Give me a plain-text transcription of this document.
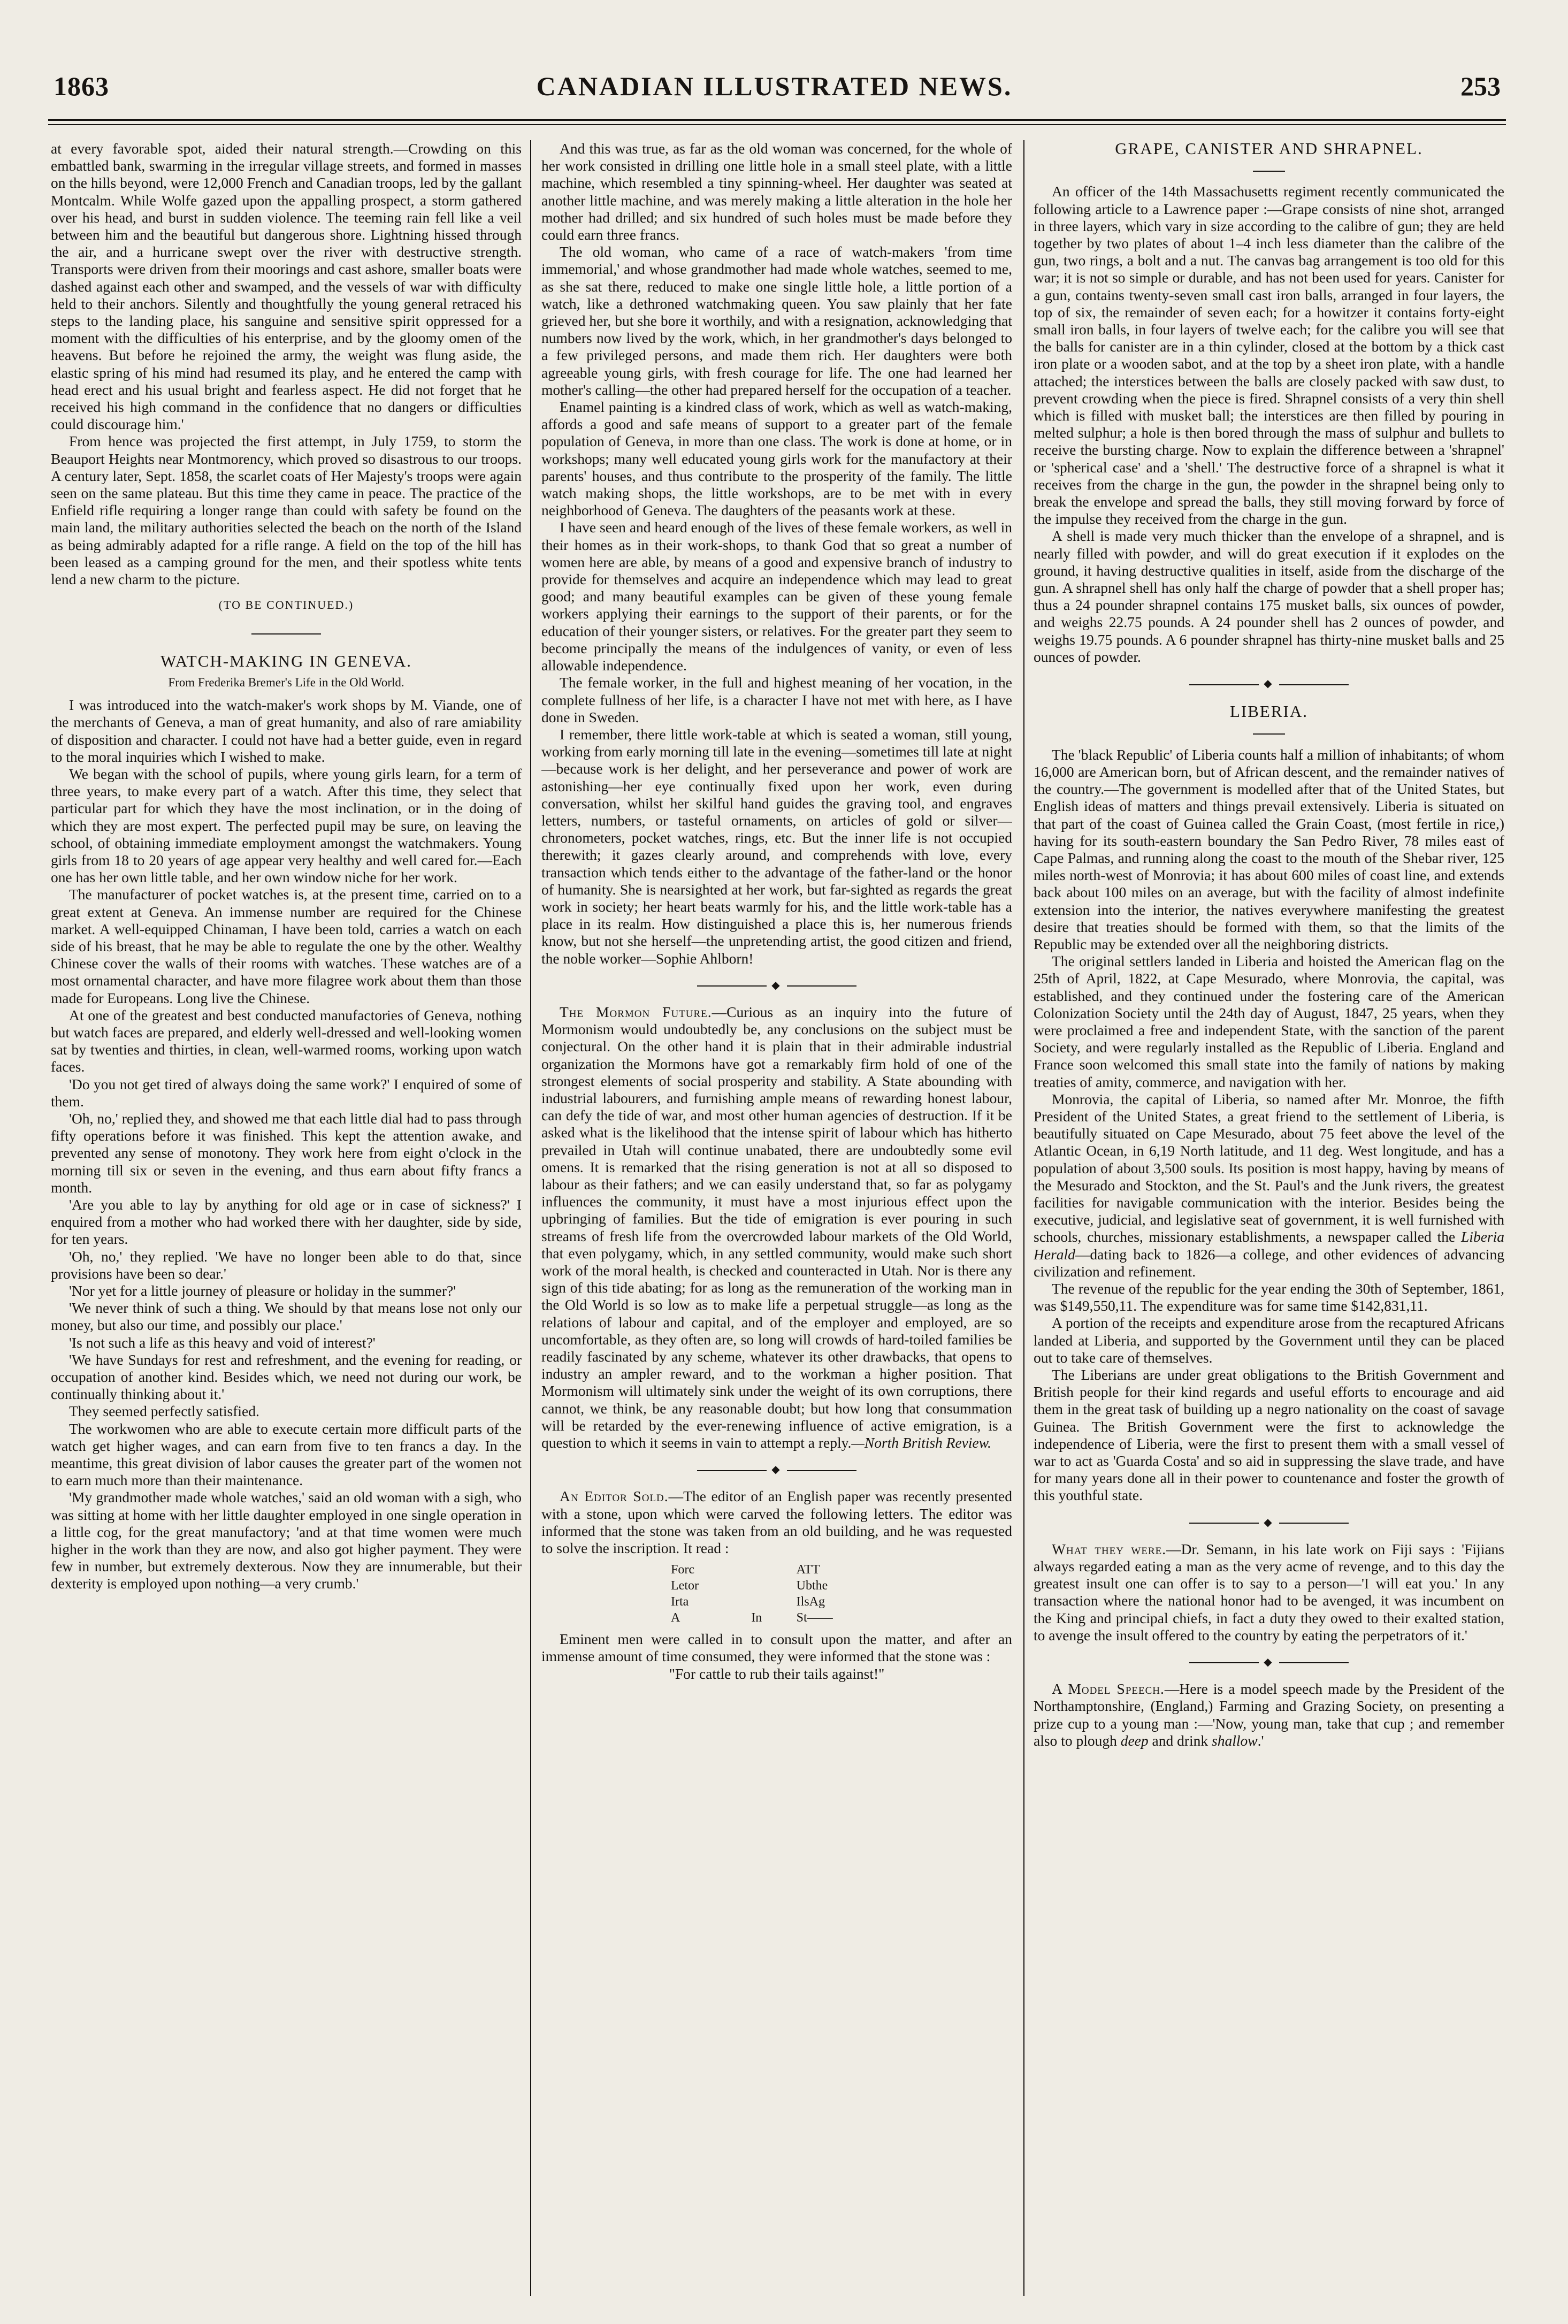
1863	CANADIAN ILLUSTRATED NEWS.	253

at every favorable spot, aided their natural strength.—Crowding on this embattled bank, swarming in the irregular village streets, and formed in masses on the hills beyond, were 12,000 French and Canadian troops, led by the gallant Montcalm. While Wolfe gazed upon the appalling prospect, a storm gathered over his head, and burst in sudden violence. The teeming rain fell like a veil between him and the beautiful but dangerous shore. Lightning hissed through the air, and a hurricane swept over the river with destructive strength. Transports were driven from their moorings and cast ashore, smaller boats were dashed against each other and swamped, and the vessels of war with difficulty held to their anchors. Silently and thoughtfully the young general retraced his steps to the landing place, his sanguine and sensitive spirit oppressed for a moment with the difficulties of his enterprise, and by the gloomy omen of the heavens. But before he rejoined the army, the weight was flung aside, the elastic spring of his mind had resumed its play, and he entered the camp with head erect and his usual bright and fearless aspect. He did not forget that he received his high command in the confidence that no dangers or difficulties could discourage him.'

From hence was projected the first attempt, in July 1759, to storm the Beauport Heights near Montmorency, which proved so disastrous to our troops. A century later, Sept. 1858, the scarlet coats of Her Majesty's troops were again seen on the same plateau. But this time they came in peace. The practice of the Enfield rifle requiring a longer range than could with safety be found on the main land, the military authorities selected the beach on the north of the Island as being admirably adapted for a rifle range. A field on the top of the hill has been leased as a camping ground for the men, and their spotless white tents lend a new charm to the picture.

(TO BE CONTINUED.)
WATCH-MAKING IN GENEVA.
From Frederika Bremer's Life in the Old World.

I was introduced into the watch-maker's work shops by M. Viande, one of the merchants of Geneva, a man of great humanity, and also of rare amiability of disposition and character. I could not have had a better guide, even in regard to the moral inquiries which I wished to make.

We began with the school of pupils, where young girls learn, for a term of three years, to make every part of a watch. After this time, they select that particular part for which they have the most inclination, or in the doing of which they are most expert. The perfected pupil may be sure, on leaving the school, of obtaining immediate employment amongst the watchmakers. Young girls from 18 to 20 years of age appear very healthy and well cared for.—Each one has her own little table, and her own window niche for her work.

The manufacturer of pocket watches is, at the present time, carried on to a great extent at Geneva. An immense number are required for the Chinese market. A well-equipped Chinaman, I have been told, carries a watch on each side of his breast, that he may be able to regulate the one by the other. Wealthy Chinese cover the walls of their rooms with watches. These watches are of a most ornamental character, and have more filagree work about them than those made for Europeans. Long live the Chinese.

At one of the greatest and best conducted manufactories of Geneva, nothing but watch faces are prepared, and elderly well-dressed and well-looking women sat by twenties and thirties, in clean, well-warmed rooms, working upon watch faces.

'Do you not get tired of always doing the same work?' I enquired of some of them.

'Oh, no,' replied they, and showed me that each little dial had to pass through fifty operations before it was finished. This kept the attention awake, and prevented any sense of monotony. They work here from eight o'clock in the morning till six or seven in the evening, and thus earn about fifty francs a month.

'Are you able to lay by anything for old age or in case of sickness?' I enquired from a mother who had worked there with her daughter, side by side, for ten years.

'Oh, no,' they replied. 'We have no longer been able to do that, since provisions have been so dear.'

'Nor yet for a little journey of pleasure or holiday in the summer?'

'We never think of such a thing. We should by that means lose not only our money, but also our time, and possibly our place.'

'Is not such a life as this heavy and void of interest?'

'We have Sundays for rest and refreshment, and the evening for reading, or occupation of another kind. Besides which, we need not during our work, be continually thinking about it.'

They seemed perfectly satisfied.

The workwomen who are able to execute certain more difficult parts of the watch get higher wages, and can earn from five to ten francs a day. In the meantime, this great division of labor causes the greater part of the women not to earn much more than their maintenance.

'My grandmother made whole watches,' said an old woman with a sigh, who was sitting at home with her little daughter employed in one single operation in a little cog, for the great manufactory; 'and at that time women were much higher in the work than they are now, and also got higher payment. They were few in number, but extremely dexterous. Now they are innumerable, but their dexterity is employed upon nothing—a very crumb.'

And this was true, as far as the old woman was concerned, for the whole of her work consisted in drilling one little hole in a small steel plate, with a little machine, which resembled a tiny spinning-wheel. Her daughter was seated at another little machine, and was merely making a little alteration in the hole her mother had drilled; and six hundred of such holes must be made before they could earn three francs.

The old woman, who came of a race of watch-makers 'from time immemorial,' and whose grandmother had made whole watches, seemed to me, as she sat there, reduced to make one single little hole, a little portion of a watch, like a dethroned watchmaking queen. You saw plainly that her fate grieved her, but she bore it worthily, and with a resignation, acknowledging that numbers now lived by the work, which, in her grandmother's days belonged to a few privileged persons, and made them rich. Her daughters were both agreeable young girls, with fresh courage for life. The one had learned her mother's calling—the other had prepared herself for the occupation of a teacher.

Enamel painting is a kindred class of work, which as well as watch-making, affords a good and safe means of support to a greater part of the female population of Geneva, in more than one class. The work is done at home, or in workshops; many well educated young girls work for the manufactory at their parents' houses, and thus contribute to the prosperity of the family. The little watch making shops, the little workshops, are to be met with in every neighborhood of Geneva. The daughters of the peasants work at these.

I have seen and heard enough of the lives of these female workers, as well in their homes as in their work-shops, to thank God that so great a number of women here are able, by means of a good and expensive branch of industry to provide for themselves and acquire an independence which may lead to great good; and many beautiful examples can be given of these young female workers applying their earnings to the support of their parents, or for the education of their younger sisters, or relatives. For the greater part they seem to become principally the means of the indulgences of vanity, or even of less allowable independence.

The female worker, in the full and highest meaning of her vocation, in the complete fullness of her life, is a character I have not met with here, as I have done in Sweden.

I remember, there little work-table at which is seated a woman, still young, working from early morning till late in the evening—sometimes till late at night—because work is her delight, and her perseverance and power of work are astonishing—her eye continually fixed upon her work, even during conversation, whilst her skilful hand guides the graving tool, and engraves letters, numbers, or tasteful ornaments, on articles of gold or silver—chronometers, pocket watches, rings, etc. But the inner life is not occupied therewith; it gazes clearly around, and comprehends with love, every transaction which tends either to the advantage of the father-land or the honor of humanity. She is nearsighted at her work, but far-sighted as regards the great work in society; her heart beats warmly for his, and the little work-table has a place in its realm. How distinguished a place this is, her numerous friends know, but not she herself—the unpretending artist, the good citizen and friend, the noble worker—Sophie Ahlborn!

◆

The Mormon Future.—Curious as an inquiry into the future of Mormonism would undoubtedly be, any conclusions on the subject must be conjectural. On the other hand it is plain that in their admirable industrial organization the Mormons have got a remarkably firm hold of one of the strongest elements of social prosperity and stability. A State abounding with industrial labourers, and furnishing ample means of rewarding honest labour, can defy the tide of war, and most other human agencies of destruction. If it be asked what is the likelihood that the intense spirit of labour which has hitherto prevailed in Utah will continue unabated, there are undoubtedly some evil omens. It is remarked that the rising generation is not at all so disposed to labour as their fathers; and we can easily understand that, so far as polygamy influences the community, it must have a most injurious effect upon the upbringing of families. But the tide of emigration is ever pouring in such streams of fresh life from the overcrowded labour markets of the Old World, that even polygamy, which, in any settled community, would make such short work of the moral health, is checked and counteracted in Utah. Nor is there any sign of this tide abating; for as long as the remuneration of the working man in the Old World is so low as to make life a perpetual struggle—as long as the relations of labour and capital, and of the employer and employed, are so uncomfortable, as they often are, so long will crowds of hard-toiled families be readily fascinated by any scheme, whatever its other drawbacks, that opens to industry an ampler reward, and to the workman a higher position. That Mormonism will ultimately sink under the weight of its own corruptions, there cannot, we think, be any reasonable doubt; but how long that consummation will be retarded by the ever-renewing influence of active emigration, is a question to which it seems in vain to attempt a reply.—North British Review.

◆

An Editor Sold.—The editor of an English paper was recently presented with a stone, upon which were carved the following letters. The editor was informed that the stone was taken from an old building, and he was requested to solve the inscription. It read :

Forc		ATT
Letor		Ubthe
Irta		IlsAg
A	In	St——

Eminent men were called in to consult upon the matter, and after an immense amount of time consumed, they were informed that the stone was :

"For cattle to rub their tails against!"

GRAPE, CANISTER AND SHRAPNEL.

An officer of the 14th Massachusetts regiment recently communicated the following article to a Lawrence paper :—Grape consists of nine shot, arranged in three layers, which vary in size according to the calibre of gun; they are held together by two plates of about 1–4 inch less diameter than the calibre of the gun, two rings, a bolt and a nut. The canvas bag arrangement is too old for this war; it is not so simple or durable, and has not been used for years. Canister for a gun, contains twenty-seven small cast iron balls, arranged in four layers, the top of six, the remainder of seven each; for a howitzer it contains forty-eight small iron balls, in four layers of twelve each; for the calibre you will see that the balls for canister are in a thin cylinder, closed at the bottom by a thick cast iron plate or a wooden sabot, and at the top by a sheet iron plate, with a handle attached; the interstices between the balls are closely packed with saw dust, to prevent crowding when the piece is fired. Shrapnel consists of a very thin shell which is filled with musket ball; the interstices are then filled by pouring in melted sulphur; a hole is then bored through the mass of sulphur and bullets to receive the bursting charge. Now to explain the difference between a 'shrapnel' or 'spherical case' and a 'shell.' The destructive force of a shrapnel is what it receives from the charge in the gun, the powder in the shrapnel being only to break the envelope and spread the balls, they still moving forward by force of the impulse they received from the charge in the gun.

A shell is made very much thicker than the envelope of a shrapnel, and is nearly filled with powder, and will do great execution if it explodes on the ground, it having destructive qualities in itself, aside from the discharge of the gun. A shrapnel shell has only half the charge of powder that a shell proper has; thus a 24 pounder shrapnel contains 175 musket balls, six ounces of powder, and weighs 22.75 pounds. A 24 pounder shell has 2 ounces of powder, and weighs 19.75 pounds. A 6 pounder shrapnel has thirty-nine musket balls and 25 ounces of powder.

◆
LIBERIA.

The 'black Republic' of Liberia counts half a million of inhabitants; of whom 16,000 are American born, but of African descent, and the remainder natives of the country.—The government is modelled after that of the United States, but English ideas of matters and things prevail extensively. Liberia is situated on that part of the coast of Guinea called the Grain Coast, (most fertile in rice,) having for its south-eastern boundary the San Pedro River, 78 miles east of Cape Palmas, and running along the coast to the mouth of the Shebar river, 125 miles north-west of Monrovia; it has about 600 miles of coast line, and extends back about 100 miles on an average, but with the facility of almost indefinite extension into the interior, the natives everywhere manifesting the greatest desire that treaties should be formed with them, so that the limits of the Republic may be extended over all the neighboring districts.

The original settlers landed in Liberia and hoisted the American flag on the 25th of April, 1822, at Cape Mesurado, where Monrovia, the capital, was established, and they continued under the fostering care of the American Colonization Society until the 24th day of August, 1847, 25 years, when they were proclaimed a free and independent State, with the sanction of the parent Society, and were regularly installed as the Republic of Liberia. England and France soon welcomed this small state into the family of nations by making treaties of amity, commerce, and navigation with her.

Monrovia, the capital of Liberia, so named after Mr. Monroe, the fifth President of the United States, a great friend to the settlement of Liberia, is beautifully situated on Cape Mesurado, about 75 feet above the level of the Atlantic Ocean, in 6,19 North latitude, and 11 deg. West longitude, and has a population of about 3,500 souls. Its position is most happy, having by means of the Mesurado and Stockton, and the St. Paul's and the Junk rivers, the greatest facilities for navigable communication with the interior. Besides being the executive, judicial, and legislative seat of government, it is well furnished with schools, churches, missionary establishments, a newspaper called the Liberia Herald—dating back to 1826—a college, and other evidences of advancing civilization and refinement.

The revenue of the republic for the year ending the 30th of September, 1861, was $149,550,11. The expenditure was for same time $142,831,11.

A portion of the receipts and expenditure arose from the recaptured Africans landed at Liberia, and supported by the Government until they can be placed out to take care of themselves.

The Liberians are under great obligations to the British Government and British people for their kind regards and useful efforts to encourage and aid them in the great task of building up a negro nationality on the coast of savage Guinea. The British Government were the first to acknowledge the independence of Liberia, were the first to present them with a small vessel of war to act as 'Guarda Costa' and so aid in suppressing the slave trade, and have for many years done all in their power to countenance and foster the growth of this youthful state.

◆

What they were.—Dr. Semann, in his late work on Fiji says : 'Fijians always regarded eating a man as the very acme of revenge, and to this day the greatest insult one can offer is to say to a person—'I will eat you.' In any transaction where the national honor had to be avenged, it was incumbent on the King and principal chiefs, in fact a duty they owed to their exalted station, to avenge the insult offered to the country by eating the perpetrators of it.'

◆

A Model Speech.—Here is a model speech made by the President of the Northamptonshire, (England,) Farming and Grazing Society, on presenting a prize cup to a young man :—'Now, young man, take that cup ; and remember also to plough deep and drink shallow.'
